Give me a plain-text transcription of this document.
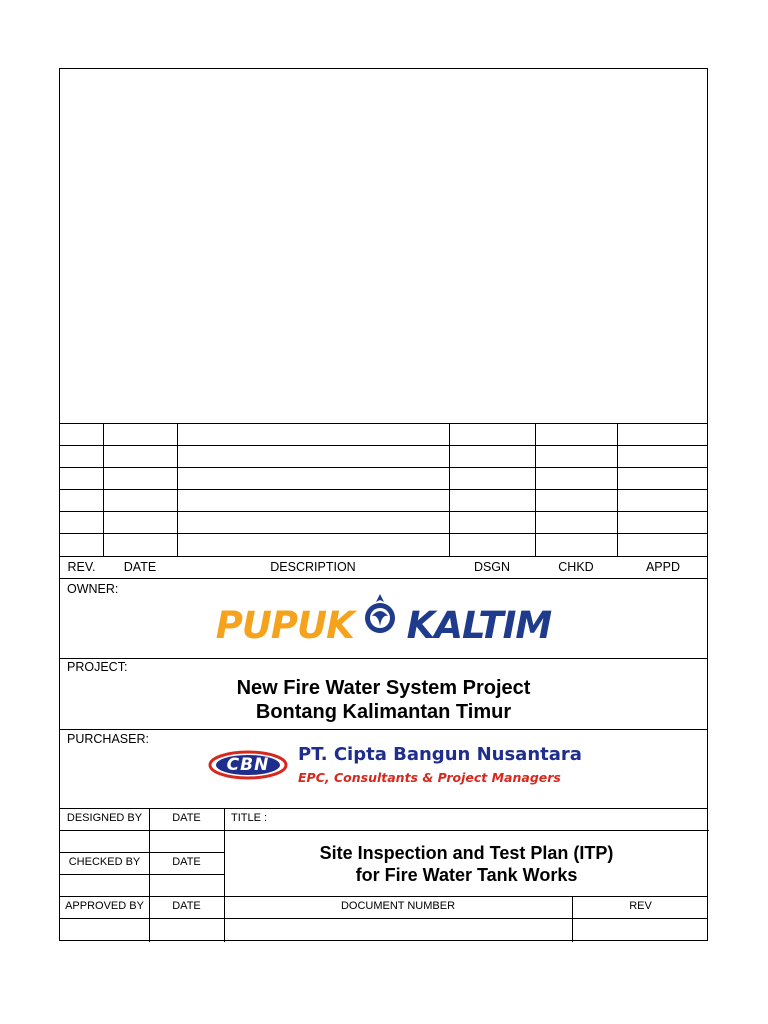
REV.	DATE	DESCRIPTION	DSGN	CHKD	APPD
OWNER:
PUPUK KALTIM
PROJECT:
New Fire Water System Project
Bontang Kalimantan Timur
PURCHASER:
CBN	PT. Cipta Bangun Nusantara
EPC, Consultants & Project Managers
DESIGNED BY	DATE	TITLE :
CHECKED BY	DATE	Site Inspection and Test Plan (ITP)
for Fire Water Tank Works
APPROVED BY	DATE	DOCUMENT NUMBER	REV
